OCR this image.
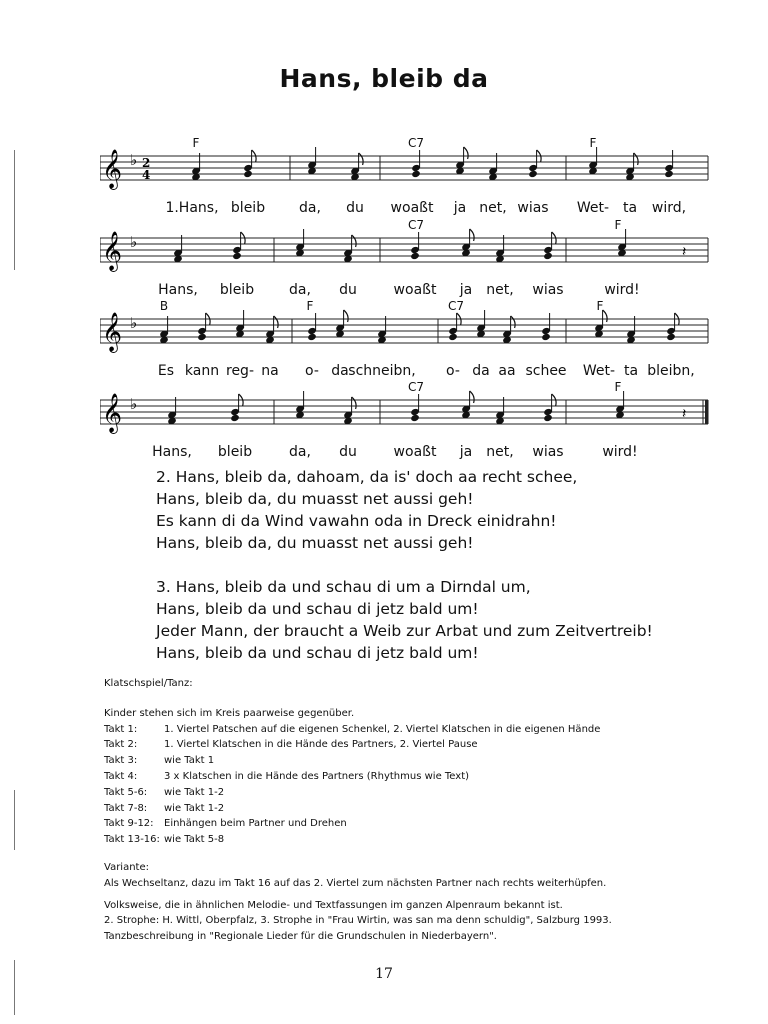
Hans, bleib da
𝄞 ♭ 2
4
F	C7	F
1.Hans, bleib da, du woaßt ja net, wias Wet- ta wird,
𝄞 ♭
𝄽
C7	F
Hans, bleib da, du	woaßt ja net, wias	wird!
𝄞 ♭
B	F	C7	F
Es kann reg- na o- da schneibn, o- da aa schee Wet- ta bleibn,
𝄞 ♭
𝄽
C7	F
Hans, bleib	da, du	woaßt ja net, wias	wird!
2. Hans, bleib da, dahoam, da is' doch aa recht schee,
Hans, bleib da, du muasst net aussi geh!
Es kann di da Wind vawahn oda in Dreck einidrahn!
Hans, bleib da, du muasst net aussi geh!
3. Hans, bleib da und schau di um a Dirndal um,
Hans, bleib da und schau di jetz bald um!
Jeder Mann, der braucht a Weib zur Arbat und zum Zeitvertreib!
Hans, bleib da und schau di jetz bald um!
Klatschspiel/Tanz:
Kinder stehen sich im Kreis paarweise gegenüber.
Takt 1:	1. Viertel Patschen auf die eigenen Schenkel, 2. Viertel Klatschen in die eigenen Hände
Takt 2:	1. Viertel Klatschen in die Hände des Partners, 2. Viertel Pause
Takt 3:	wie Takt 1
Takt 4:	3 x Klatschen in die Hände des Partners (Rhythmus wie Text)
Takt 5-6:	wie Takt 1-2
Takt 7-8:	wie Takt 1-2
Takt 9-12:	Einhängen beim Partner und Drehen
Takt 13-16: wie Takt 5-8
Variante:
Als Wechseltanz, dazu im Takt 16 auf das 2. Viertel zum nächsten Partner nach rechts weiterhüpfen.
Volksweise, die in ähnlichen Melodie- und Textfassungen im ganzen Alpenraum bekannt ist.
2. Strophe: H. Wittl, Oberpfalz, 3. Strophe in "Frau Wirtin, was san ma denn schuldig", Salzburg 1993.
Tanzbeschreibung in "Regionale Lieder für die Grundschulen in Niederbayern".
17
